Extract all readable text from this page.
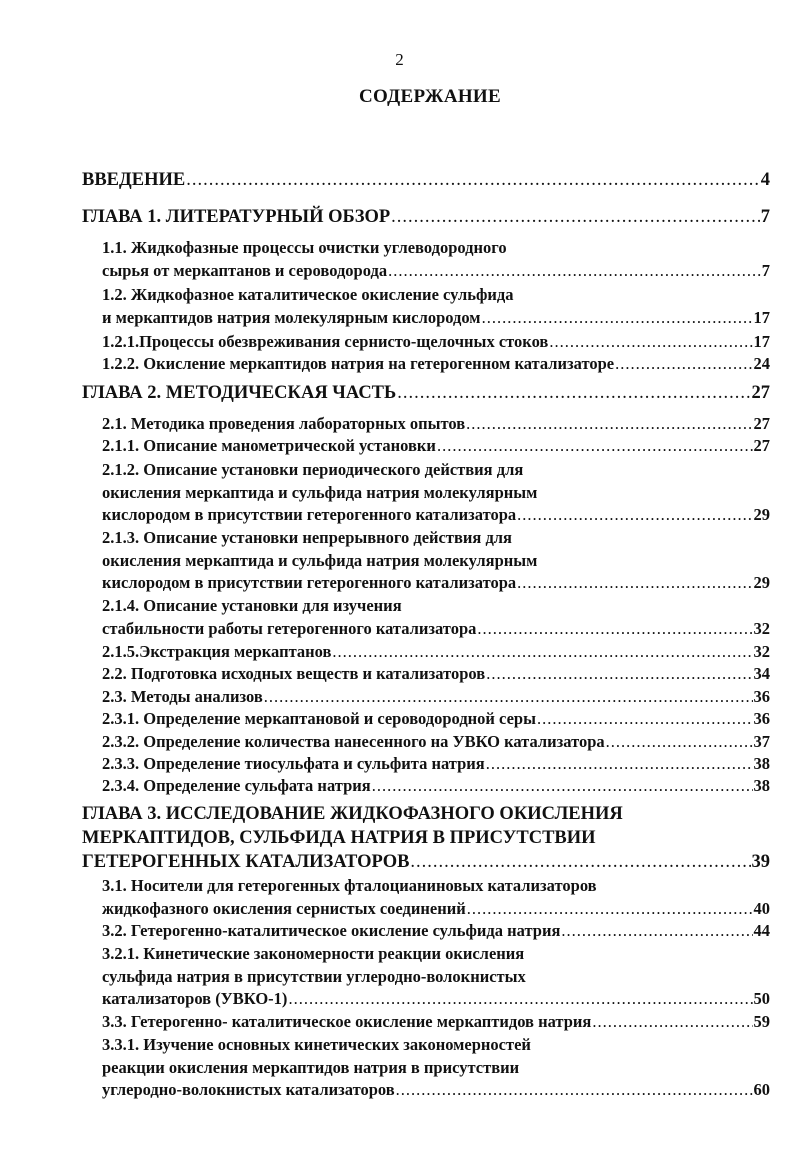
2
СОДЕРЖАНИЕ
ВВЕДЕНИЕ .....	4
ГЛАВА 1. ЛИТЕРАТУРНЫЙ ОБЗОР .....	7
1.1. Жидкофазные процессы очистки углеводородного
сырья от меркаптанов и сероводорода .....	7
1.2. Жидкофазное каталитическое окисление сульфида
и меркаптидов натрия молекулярным кислородом .....	17
1.2.1.Процессы обезвреживания сернисто-щелочных стоков .....	17
1.2.2. Окисление меркаптидов натрия на гетерогенном катализаторе .....	24
ГЛАВА 2. МЕТОДИЧЕСКАЯ ЧАСТЬ .....	27
2.1. Методика проведения лабораторных опытов .....	27
2.1.1. Описание манометрической установки .....	27
2.1.2. Описание установки периодического действия для
окисления меркаптида и сульфида натрия молекулярным
кислородом в присутствии гетерогенного катализатора .....	29
2.1.3. Описание установки непрерывного действия для
окисления меркаптида и сульфида натрия молекулярным
кислородом в присутствии гетерогенного катализатора .....	29
2.1.4. Описание установки для изучения
стабильности работы гетерогенного катализатора .....	32
2.1.5.Экстракция меркаптанов .....	32
2.2. Подготовка исходных веществ и катализаторов .....	34
2.3. Методы анализов .....	36
2.3.1. Определение меркаптановой и сероводородной серы .....	36
2.3.2. Определение количества нанесенного на УВКО катализатора .....	37
2.3.3. Определение тиосульфата и сульфита натрия .....	38
2.3.4. Определение сульфата натрия .....	38
ГЛАВА 3. ИССЛЕДОВАНИЕ ЖИДКОФАЗНОГО ОКИСЛЕНИЯ
МЕРКАПТИДОВ, СУЛЬФИДА НАТРИЯ В ПРИСУТСТВИИ
ГЕТЕРОГЕННЫХ КАТАЛИЗАТОРОВ .....	39
3.1. Носители для гетерогенных фталоцианиновых катализаторов
жидкофазного окисления сернистых соединений .....	40
3.2. Гетерогенно-каталитическое окисление сульфида натрия .....	44
3.2.1. Кинетические закономерности реакции окисления
сульфида натрия в присутствии углеродно-волокнистых
катализаторов (УВКО-1) .....	50
3.3. Гетерогенно- каталитическое окисление меркаптидов натрия .....	59
3.3.1. Изучение основных кинетических закономерностей
реакции окисления меркаптидов натрия в присутствии
углеродно-волокнистых катализаторов .....	60
